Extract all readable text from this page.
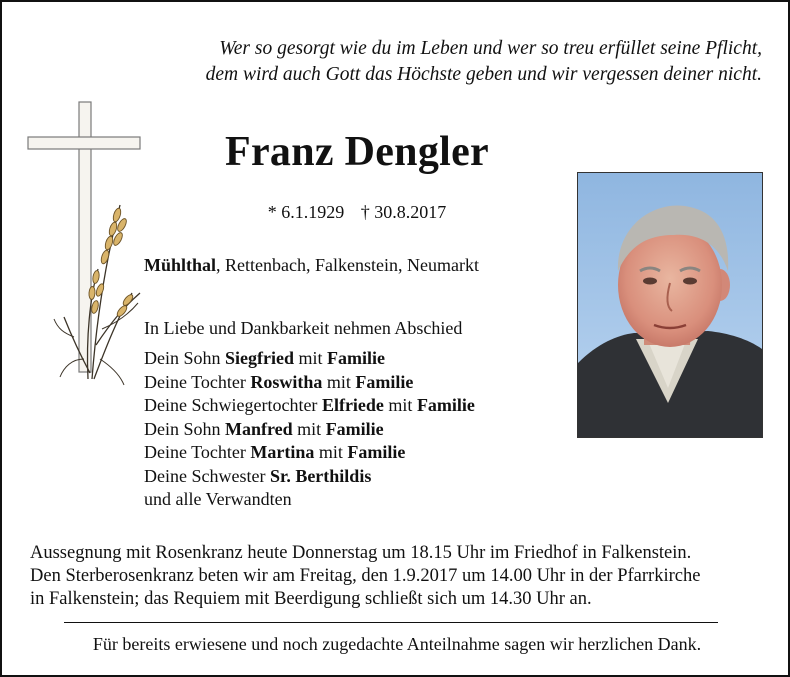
Wer so gesorgt wie du im Leben und wer so treu erfüllet seine Pflicht,
dem wird auch Gott das Höchste geben und wir vergessen deiner nicht.
Franz Dengler
* 6.1.1929 † 30.8.2017
Mühlthal, Rettenbach, Falkenstein, Neumarkt
In Liebe und Dankbarkeit nehmen Abschied
Dein Sohn Siegfried mit Familie
Deine Tochter Roswitha mit Familie
Deine Schwiegertochter Elfriede mit Familie
Dein Sohn Manfred mit Familie
Deine Tochter Martina mit Familie
Deine Schwester Sr. Berthildis
und alle Verwandten
Aussegnung mit Rosenkranz heute Donnerstag um 18.15 Uhr im Friedhof in Falkenstein.
Den Sterberosenkranz beten wir am Freitag, den 1.9.2017 um 14.00 Uhr in der Pfarrkirche
in Falkenstein; das Requiem mit Beerdigung schließt sich um 14.30 Uhr an.
Für bereits erwiesene und noch zugedachte Anteilnahme sagen wir herzlichen Dank.
